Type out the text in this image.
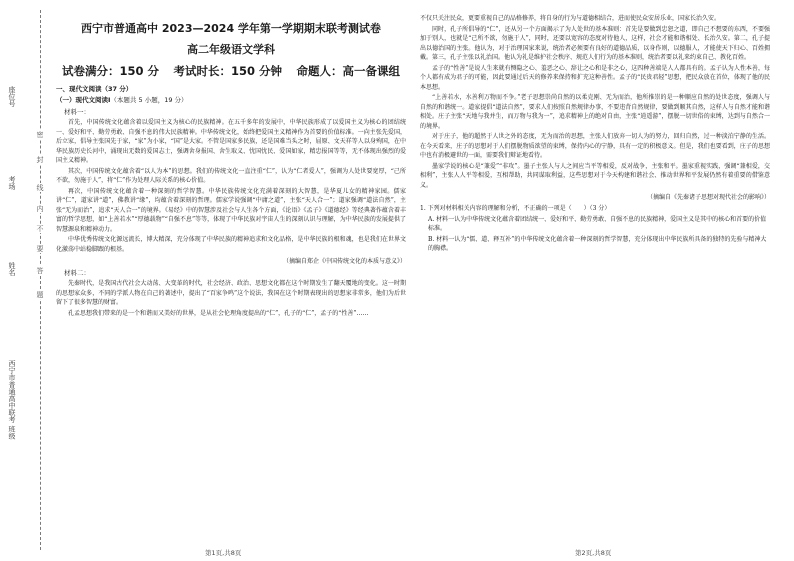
座位号
考场
姓名
西宁市普通高中联考 班级
密
封
线
内
不
要
答
题
西宁市普通高中 2023—2024 学年第一学期期末联考测试卷
高二年级语文学科
试卷满分：150 分 考试时长：150 分钟 命题人：高一备课组
一、现代文阅读（37 分）
（一）现代文阅读Ⅰ（本题共 5 小题，19 分）
材料一：

首先，中国传统文化蕴含着以爱国主义为核心的民族精神。在五千多年的发展中，中华民族形成了以爱国主义为核心的团结统一、爱好和平、勤劳勇敢、自强不息的伟大民族精神。中华传统文化，始终把爱国主义精神作为首要的价值标准。一向主张先爱国，后立家，倡导主张国先于家，“家”为小家，“国”是大家。不管是国家多民族，还是国难当头之时，屈原、文天祥等人以身殉国，在中华民族历史长河中，涌现出无数的爱国志士，强调舍身报国、舍生取义、忧国忧民、爱国如家，精忠报国等等，无不体现出强烈的爱国主义精神。

其次，中国传统文化蕴含着“以人为本”的思想。我们的传统文化一直注重“仁”，认为“仁者爱人”，强调为人处世要宽厚，“己所不欲，勿施于人”，将“仁”作为处理人际关系的核心价值。

再次，中国传统文化蕴含着一种深刻的哲学智慧。中华民族传统文化充满着深刻的大智慧，是华夏儿女的精神家园。儒家讲“仁”，道家讲“道”，佛教讲“缘”，均蕴含着深刻的哲理。儒家学说强调“中庸之道”，主张“天人合一”；道家强调“道法自然”，主张“无为而治”，追求“天人合一”的境界。《易经》中的智慧涉及社会与人生各个方面，《论语》《孟子》《道德经》等经典著作蕴含着丰富的哲学思想，如“上善若水”“厚德载物”“自强不息”等等，体现了中华民族对宇宙人生的深刻认识与理解，为中华民族的发展提供了智慧源泉和精神动力。

中华优秀传统文化源远流长，博大精深，充分体现了中华民族的精神追求和文化品格，是中华民族的根和魂，也是我们在世界文化激荡中站稳脚跟的根基。

（摘编自郑企《中国传统文化的本质与意义》）
材料二：

先秦时代，是我国古代社会大动荡、大变革的时代，社会经济、政治、思想文化都在这个时期发生了翻天覆地的变化。这一时期的思想家众多，不同的学派人物在自己的著述中，提出了“百家争鸣”这个说法，我国在这个时期表现出的思想家非常多，他们为后世留下了很多智慧的财富。

孔孟思想我们带来的是一个和谐而又美好的世界，是从社会伦理角度提出的“仁”，孔子的“仁”，孟子的“性善”……

第1页,共8页

不仅只关注民众，更要重视自己的品格修养，将自身的行为与道德相结合，进而使民众安居乐业，国家长治久安。

同时，孔子所倡导的“仁”，还从另一个方面揭示了为人处世的基本准则：首先是要做到忠恕之道，即自己不想要的东西，不要强加于别人，也就是“己所不欲，勿施于人”，同时，还要以宽容的态度对待他人，这样，社会才能和谐相处、长治久安。第二，孔子提出以德治国的主张。他认为，对于治理国家来说，统治者必须要有良好的道德品质，以身作则，以德服人，才能使天下归心、百姓拥戴。第三，孔子主张以礼治国。他认为礼是维护社会秩序、规范人们行为的基本准则，统治者要以礼来约束自己、教化百姓。

孟子的“性善”是说人生来就有恻隐之心、羞恶之心、辞让之心和是非之心，这四种善端是人人都具有的。孟子认为人性本善，每个人都有成为君子的可能，因此要通过后天的修养来保持和扩充这种善性。孟子的“民贵君轻”思想，把民众放在首位，体现了他的民本思想。

“上善若水，水善利万物而不争。”老子思想崇尚自然的以柔克刚、无为而治，他所推崇的是一种顺应自然的处世态度，强调人与自然的和谐统一。道家提倡“道法自然”，要求人们按照自然规律办事，不要违背自然规律，要做到顺其自然，这样人与自然才能和谐相处。庄子主张“天地与我并生，而万物与我为一”，追求精神上的绝对自由，主张“逍遥游”，摆脱一切世俗的束缚，达到与自然合一的境界。

对于庄子，他的超然于人世之外的态度，无为而治的思想，主张人们放弃一切人为的努力，回归自然，过一种淡泊宁静的生活。在今天看来，庄子的思想对于人们摆脱物质欲望的束缚，保持内心的宁静，具有一定的积极意义。但是，我们也要看到，庄子的思想中也有消极避世的一面，需要我们辩证地看待。

墨家学说的核心是“兼爱”“非攻”。墨子主张人与人之间应当平等相爱，反对战争，主张和平。墨家重视实践，强调“兼相爱，交相利”，主张人人平等相爱，互相帮助，共同谋取利益，这些思想对于今天构建和谐社会、推动世界和平发展仍然有着重要的借鉴意义。

（摘编自《先秦诸子思想对现代社会的影响》）
1. 下列对材料相关内容的理解和分析，不正确的一项是（　　）（3 分）
A. 材料一认为中华传统文化蕴含着团结统一、爱好和平、勤劳勇敢、自强不息的民族精神，爱国主义是其中的核心和首要的价值标准。
B. 材料一认为“儒、道、释互补”的中华传统文化蕴含着一种深刻的哲学智慧，充分体现出中华民族所具备的独特的先验与精神大的胸襟。
第2页,共8页
